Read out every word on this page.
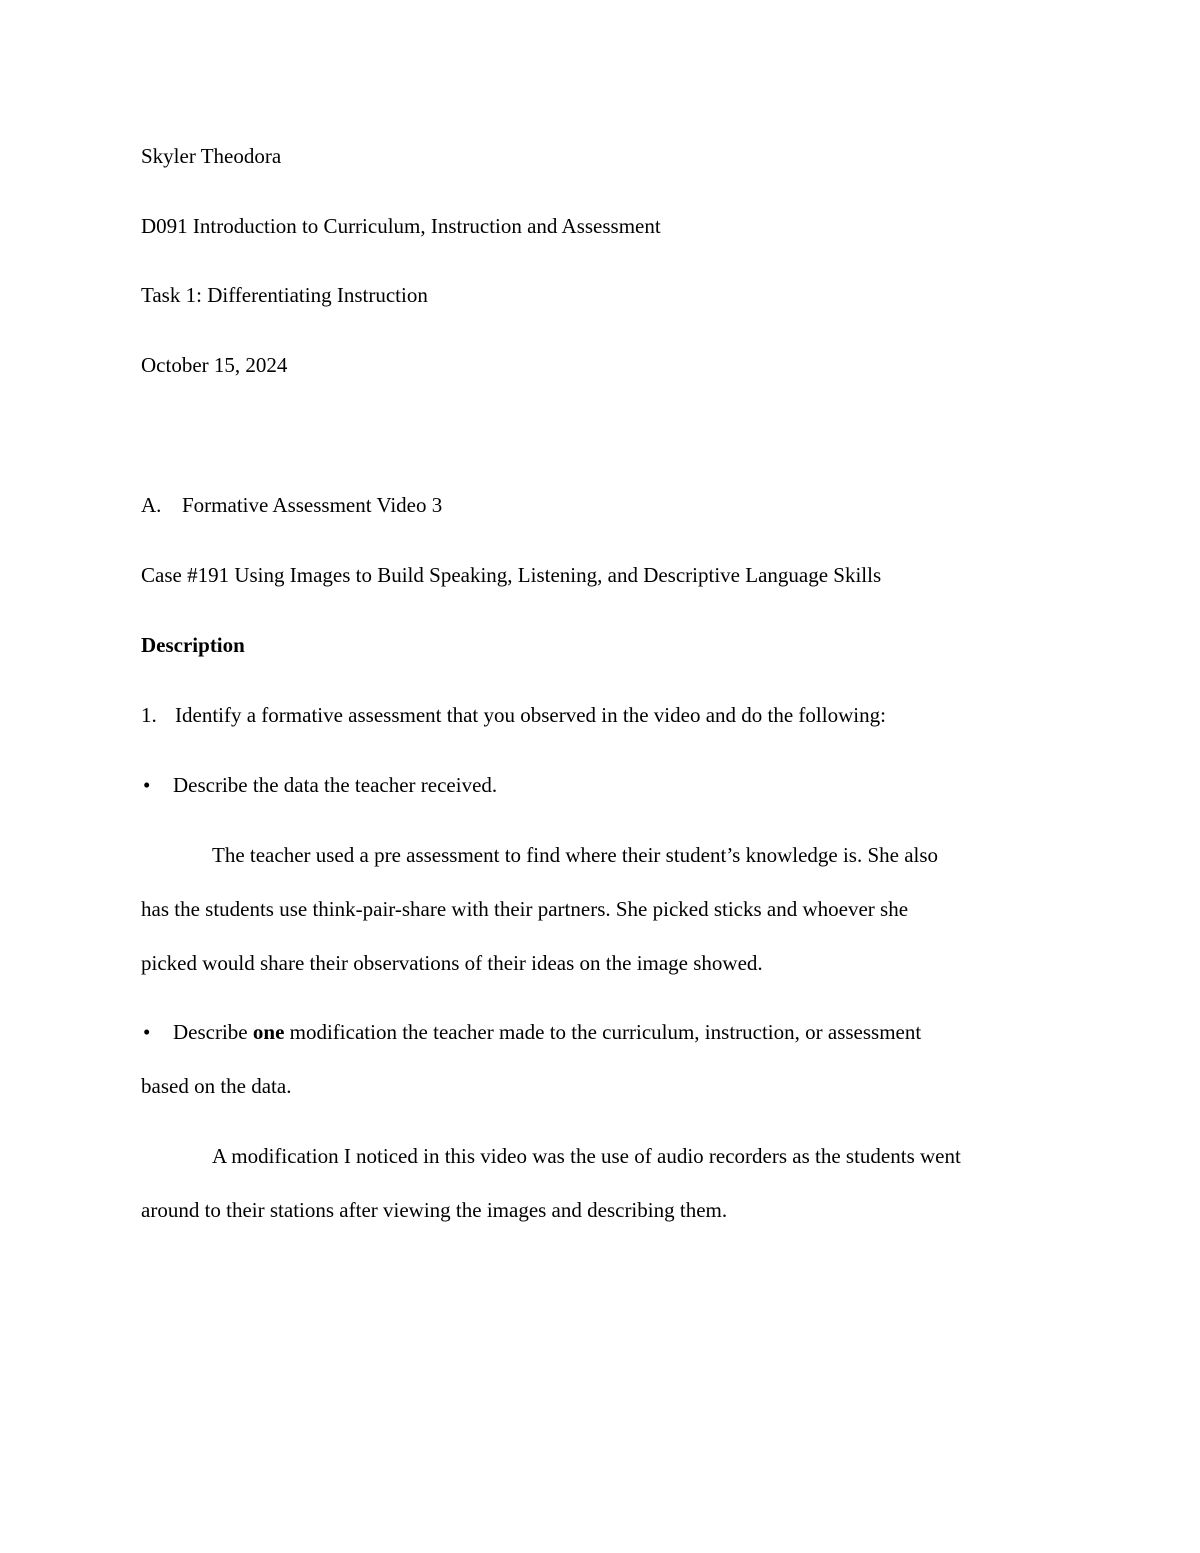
Skyler Theodora
D091 Introduction to Curriculum, Instruction and Assessment
Task 1: Differentiating Instruction
October 15, 2024
A. Formative Assessment Video 3
Case #191 Using Images to Build Speaking, Listening, and Descriptive Language Skills
Description
1. Identify a formative assessment that you observed in the video and do the following:
• Describe the data the teacher received.
The teacher used a pre assessment to find where their student’s knowledge is. She also
has the students use think-pair-share with their partners. She picked sticks and whoever she
picked would share their observations of their ideas on the image showed.
• Describe one modification the teacher made to the curriculum, instruction, or assessment
based on the data.
A modification I noticed in this video was the use of audio recorders as the students went
around to their stations after viewing the images and describing them.
